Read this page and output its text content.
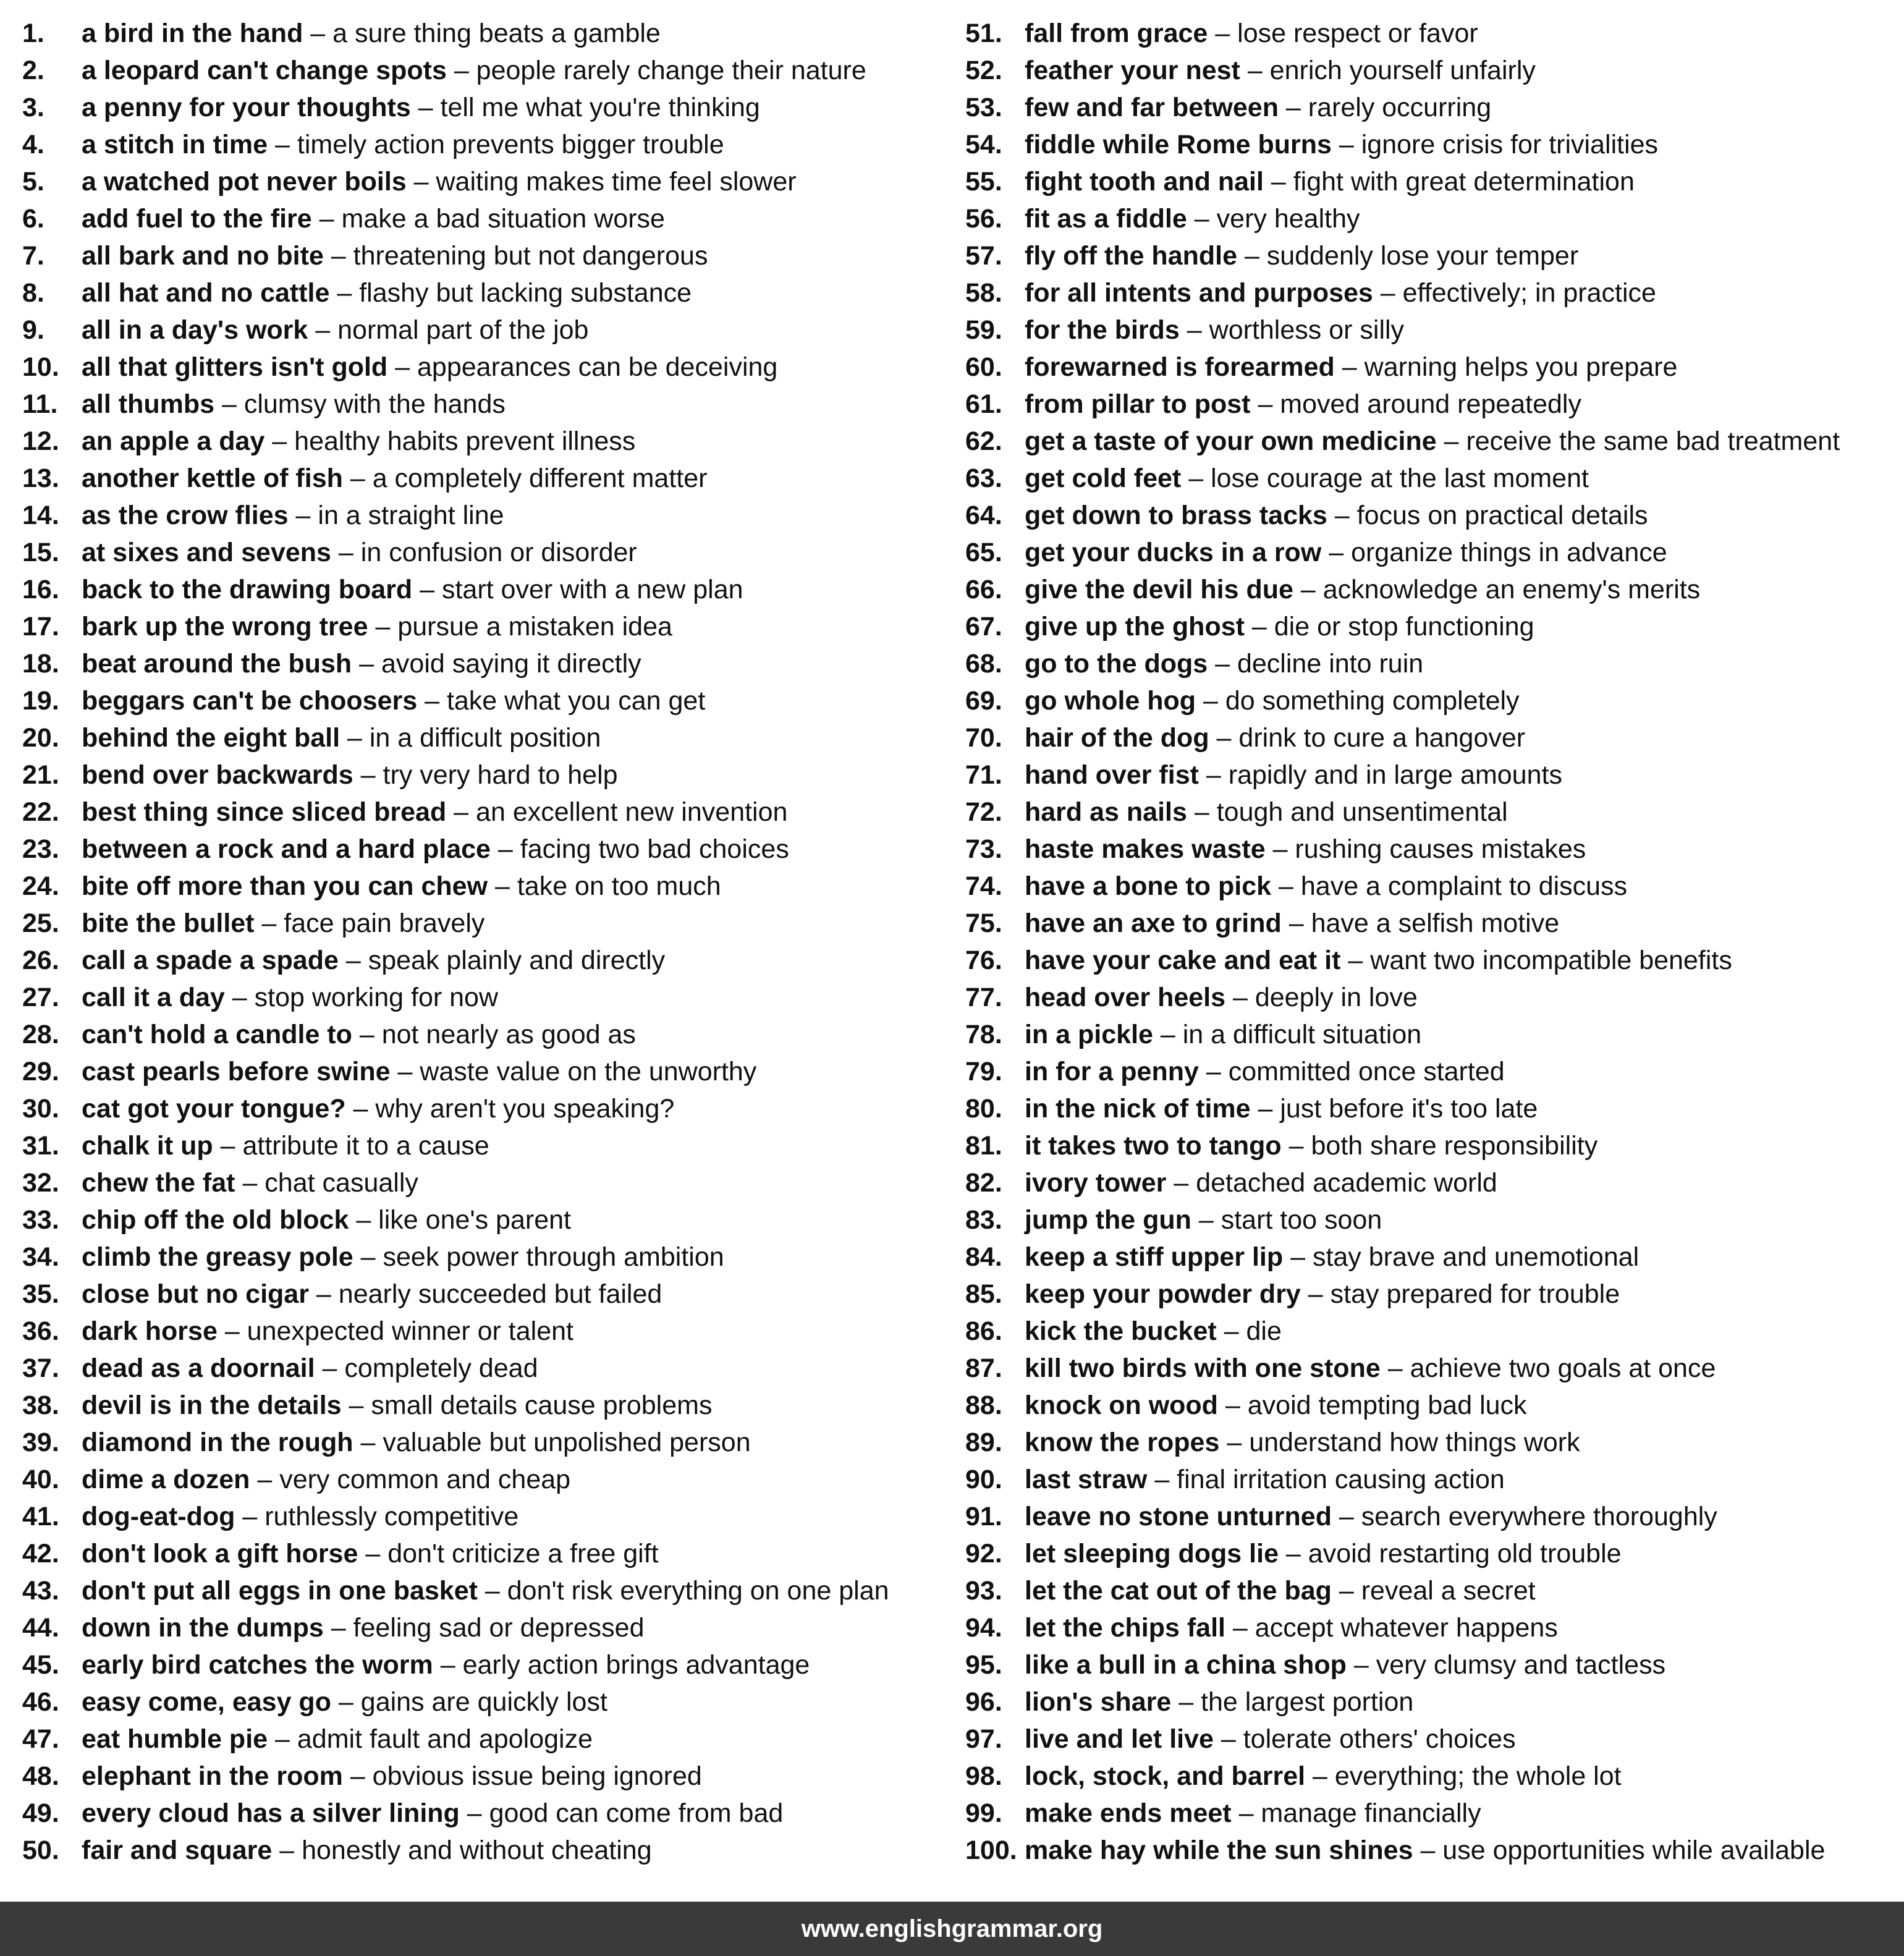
1. a bird in the hand – a sure thing beats a gamble
2. a leopard can't change spots – people rarely change their nature
3. a penny for your thoughts – tell me what you're thinking
4. a stitch in time – timely action prevents bigger trouble
5. a watched pot never boils – waiting makes time feel slower
6. add fuel to the fire – make a bad situation worse
7. all bark and no bite – threatening but not dangerous
8. all hat and no cattle – flashy but lacking substance
9. all in a day's work – normal part of the job
10. all that glitters isn't gold – appearances can be deceiving
11. all thumbs – clumsy with the hands
12. an apple a day – healthy habits prevent illness
13. another kettle of fish – a completely different matter
14. as the crow flies – in a straight line
15. at sixes and sevens – in confusion or disorder
16. back to the drawing board – start over with a new plan
17. bark up the wrong tree – pursue a mistaken idea
18. beat around the bush – avoid saying it directly
19. beggars can't be choosers – take what you can get
20. behind the eight ball – in a difficult position
21. bend over backwards – try very hard to help
22. best thing since sliced bread – an excellent new invention
23. between a rock and a hard place – facing two bad choices
24. bite off more than you can chew – take on too much
25. bite the bullet – face pain bravely
26. call a spade a spade – speak plainly and directly
27. call it a day – stop working for now
28. can't hold a candle to – not nearly as good as
29. cast pearls before swine – waste value on the unworthy
30. cat got your tongue? – why aren't you speaking?
31. chalk it up – attribute it to a cause
32. chew the fat – chat casually
33. chip off the old block – like one's parent
34. climb the greasy pole – seek power through ambition
35. close but no cigar – nearly succeeded but failed
36. dark horse – unexpected winner or talent
37. dead as a doornail – completely dead
38. devil is in the details – small details cause problems
39. diamond in the rough – valuable but unpolished person
40. dime a dozen – very common and cheap
41. dog-eat-dog – ruthlessly competitive
42. don't look a gift horse – don't criticize a free gift
43. don't put all eggs in one basket – don't risk everything on one plan
44. down in the dumps – feeling sad or depressed
45. early bird catches the worm – early action brings advantage
46. easy come, easy go – gains are quickly lost
47. eat humble pie – admit fault and apologize
48. elephant in the room – obvious issue being ignored
49. every cloud has a silver lining – good can come from bad
50. fair and square – honestly and without cheating
51. fall from grace – lose respect or favor
52. feather your nest – enrich yourself unfairly
53. few and far between – rarely occurring
54. fiddle while Rome burns – ignore crisis for trivialities
55. fight tooth and nail – fight with great determination
56. fit as a fiddle – very healthy
57. fly off the handle – suddenly lose your temper
58. for all intents and purposes – effectively; in practice
59. for the birds – worthless or silly
60. forewarned is forearmed – warning helps you prepare
61. from pillar to post – moved around repeatedly
62. get a taste of your own medicine – receive the same bad treatment
63. get cold feet – lose courage at the last moment
64. get down to brass tacks – focus on practical details
65. get your ducks in a row – organize things in advance
66. give the devil his due – acknowledge an enemy's merits
67. give up the ghost – die or stop functioning
68. go to the dogs – decline into ruin
69. go whole hog – do something completely
70. hair of the dog – drink to cure a hangover
71. hand over fist – rapidly and in large amounts
72. hard as nails – tough and unsentimental
73. haste makes waste – rushing causes mistakes
74. have a bone to pick – have a complaint to discuss
75. have an axe to grind – have a selfish motive
76. have your cake and eat it – want two incompatible benefits
77. head over heels – deeply in love
78. in a pickle – in a difficult situation
79. in for a penny – committed once started
80. in the nick of time – just before it's too late
81. it takes two to tango – both share responsibility
82. ivory tower – detached academic world
83. jump the gun – start too soon
84. keep a stiff upper lip – stay brave and unemotional
85. keep your powder dry – stay prepared for trouble
86. kick the bucket – die
87. kill two birds with one stone – achieve two goals at once
88. knock on wood – avoid tempting bad luck
89. know the ropes – understand how things work
90. last straw – final irritation causing action
91. leave no stone unturned – search everywhere thoroughly
92. let sleeping dogs lie – avoid restarting old trouble
93. let the cat out of the bag – reveal a secret
94. let the chips fall – accept whatever happens
95. like a bull in a china shop – very clumsy and tactless
96. lion's share – the largest portion
97. live and let live – tolerate others' choices
98. lock, stock, and barrel – everything; the whole lot
99. make ends meet – manage financially
100. make hay while the sun shines – use opportunities while available
www.englishgrammar.org
